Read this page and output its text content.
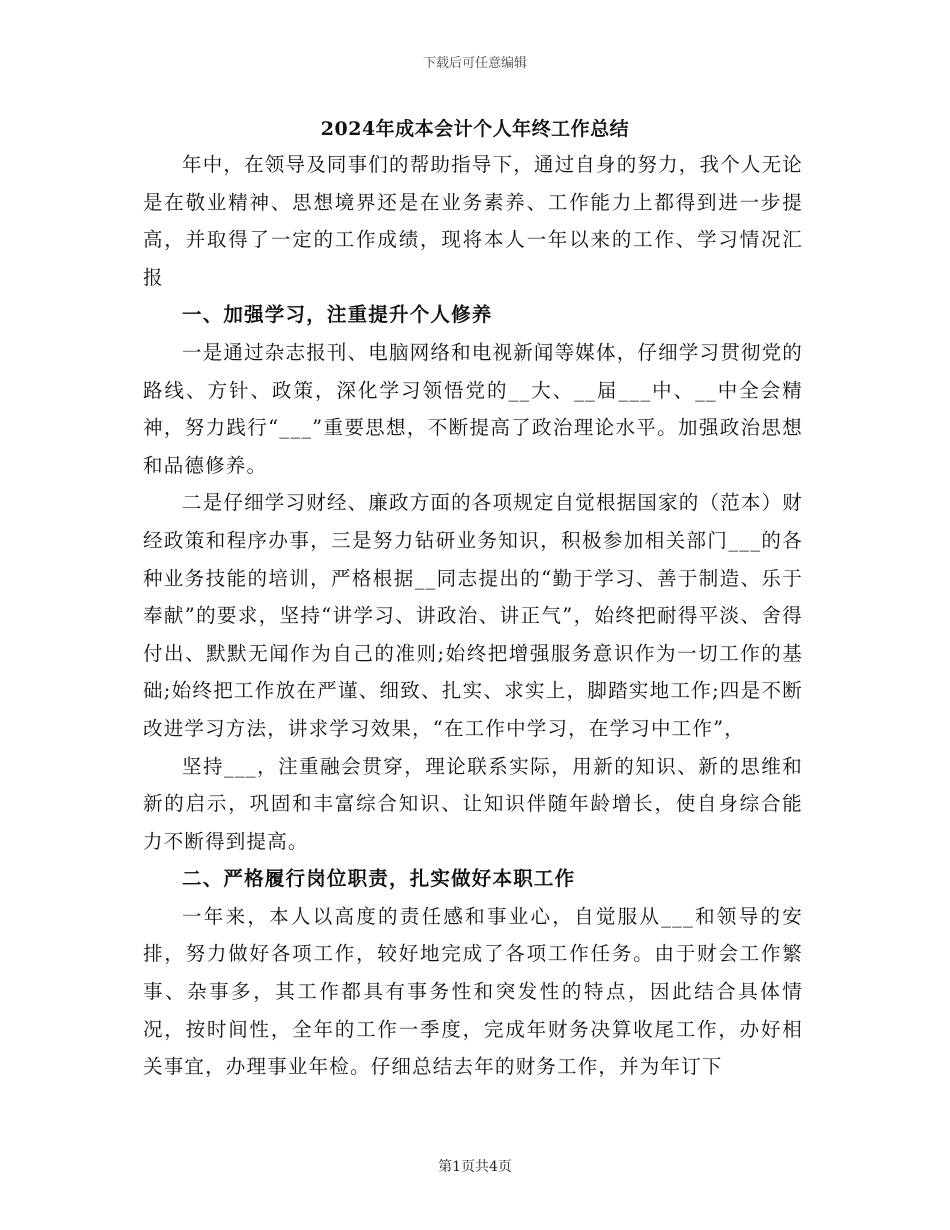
下载后可任意编辑
2024年成本会计个人年终工作总结

年中，在领导及同事们的帮助指导下，通过自身的努力，我个人无论是在敬业精神、思想境界还是在业务素养、工作能力上都得到进一步提高，并取得了一定的工作成绩，现将本人一年以来的工作、学习情况汇报

一、加强学习，注重提升个人修养

一是通过杂志报刊、电脑网络和电视新闻等媒体，仔细学习贯彻党的路线、方针、政策，深化学习领悟党的__大、__届___中、__中全会精神，努力践行“___”重要思想，不断提高了政治理论水平。加强政治思想和品德修养。

二是仔细学习财经、廉政方面的各项规定自觉根据国家的（范本）财经政策和程序办事，三是努力钻研业务知识，积极参加相关部门___的各种业务技能的培训，严格根据__同志提出的“勤于学习、善于制造、乐于奉献”的要求，坚持“讲学习、讲政治、讲正气”，始终把耐得平淡、舍得付出、默默无闻作为自己的准则;始终把增强服务意识作为一切工作的基础;始终把工作放在严谨、细致、扎实、求实上，脚踏实地工作;四是不断改进学习方法，讲求学习效果，“在工作中学习，在学习中工作”，

坚持___，注重融会贯穿，理论联系实际，用新的知识、新的思维和新的启示，巩固和丰富综合知识、让知识伴随年龄增长，使自身综合能力不断得到提高。

二、严格履行岗位职责，扎实做好本职工作

一年来，本人以高度的责任感和事业心，自觉服从___和领导的安排，努力做好各项工作，较好地完成了各项工作任务。由于财会工作繁事、杂事多，其工作都具有事务性和突发性的特点，因此结合具体情况，按时间性，全年的工作一季度，完成年财务决算收尾工作，办好相关事宜，办理事业年检。仔细总结去年的财务工作，并为年订下

第1页共4页
